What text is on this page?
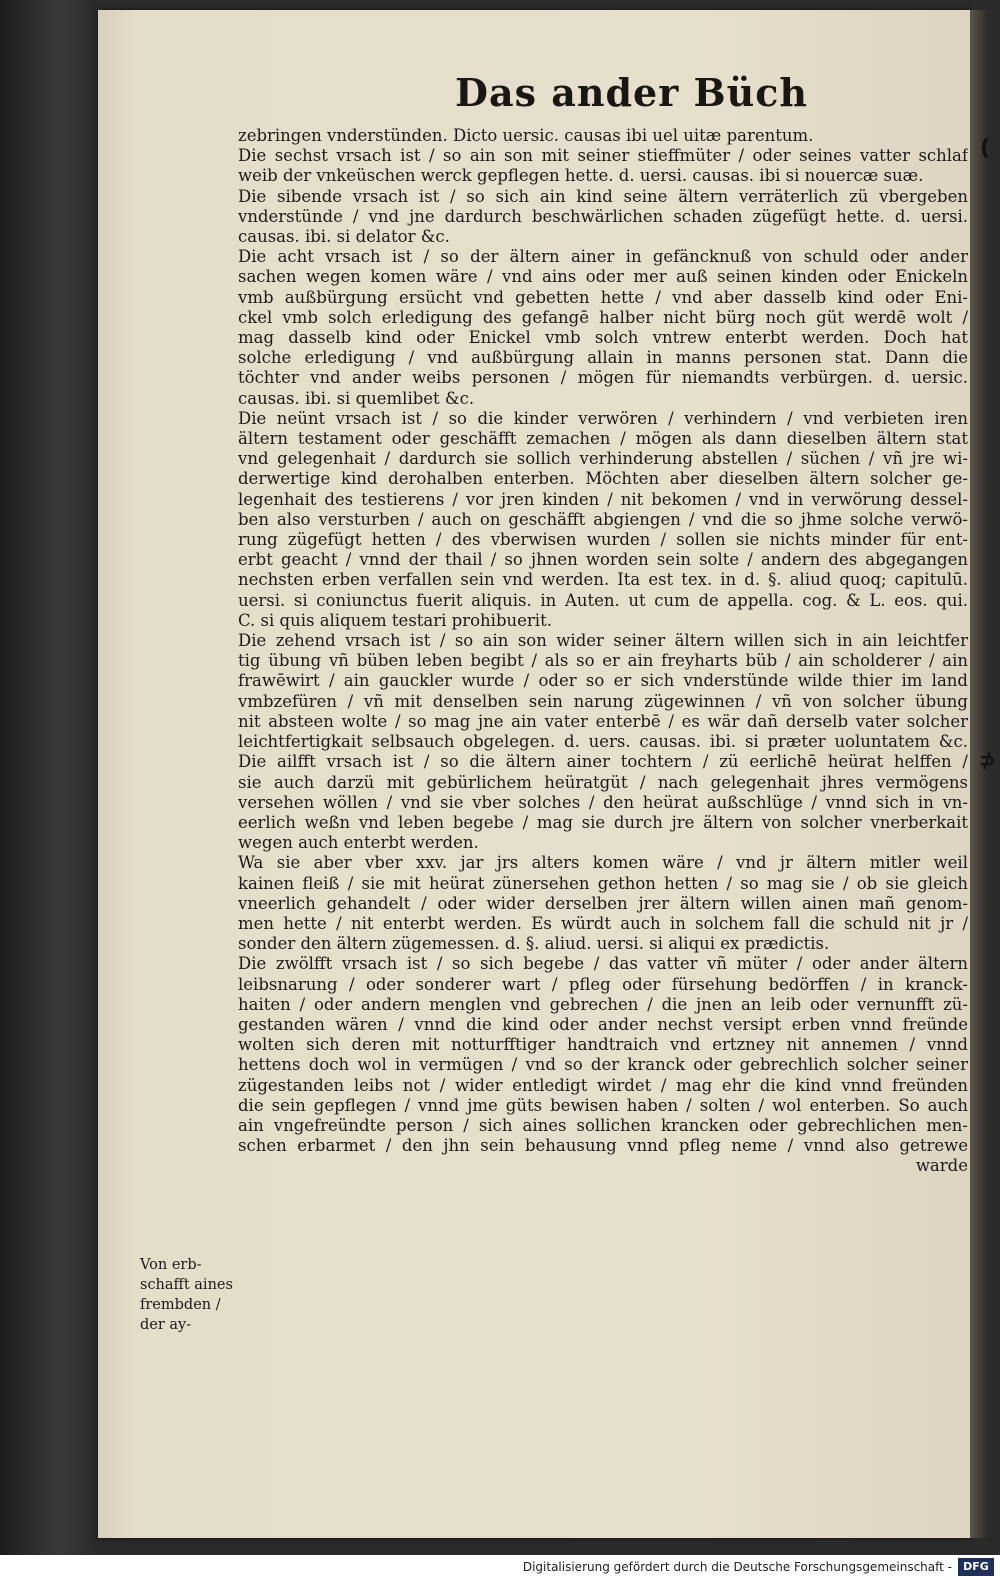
Das ander Büch
zebringen vnderstünden. Dicto uersic. causas ibi uel uitæ parentum.
Die sechst vrsach ist / so ain son mit seiner stieffmüter / oder seines vatter schlaf
weib der vnkeüschen werck gepflegen hette. d. uersi. causas. ibi si nouercæ suæ.
Die sibende vrsach ist / so sich ain kind seine ältern verräterlich zü vbergeben
vnderstünde / vnd jne dardurch beschwärlichen schaden zügefügt hette. d. uersi.
causas. ibi. si delator &c.
Die acht vrsach ist / so der ältern ainer in gefäncknuß von schuld oder ander
sachen wegen komen wäre / vnd ains oder mer auß seinen kinden oder Enickeln
vmb außbürgung ersücht vnd gebetten hette / vnd aber dasselb kind oder Eni-
ckel vmb solch erledigung des gefangē halber nicht bürg noch güt werdē wolt /
mag dasselb kind oder Enickel vmb solch vntrew enterbt werden. Doch hat
solche erledigung / vnd außbürgung allain in manns personen stat. Dann die
töchter vnd ander weibs personen / mögen für niemandts verbürgen. d. uersic.
causas. ibi. si quemlibet &c.
Die neünt vrsach ist / so die kinder verwören / verhindern / vnd verbieten iren
ältern testament oder geschäfft zemachen / mögen als dann dieselben ältern stat
vnd gelegenhait / dardurch sie sollich verhinderung abstellen / süchen / vñ jre wi-
derwertige kind derohalben enterben. Möchten aber dieselben ältern solcher ge-
legenhait des testierens / vor jren kinden / nit bekomen / vnd in verwörung dessel-
ben also versturben / auch on geschäfft abgiengen / vnd die so jhme solche verwö-
rung zügefügt hetten / des vberwisen wurden / sollen sie nichts minder für ent-
erbt geacht / vnnd der thail / so jhnen worden sein solte / andern des abgegangen
nechsten erben verfallen sein vnd werden. Ita est tex. in d. §. aliud quoq; capitulū.
uersi. si coniunctus fuerit aliquis. in Auten. ut cum de appella. cog. & L. eos. qui.
C. si quis aliquem testari prohibuerit.
Die zehend vrsach ist / so ain son wider seiner ältern willen sich in ain leichtfer
tig übung vñ büben leben begibt / als so er ain freyharts büb / ain scholderer / ain
frawēwirt / ain gauckler wurde / oder so er sich vnderstünde wilde thier im land
vmbzefüren / vñ mit denselben sein narung zügewinnen / vñ von solcher übung
nit absteen wolte / so mag jne ain vater enterbē / es wär dañ derselb vater solcher
leichtfertigkait selbsauch obgelegen. d. uers. causas. ibi. si præter uoluntatem &c.
Die ailfft vrsach ist / so die ältern ainer tochtern / zü eerlichē heürat helffen /
sie auch darzü mit gebürlichem heüratgüt / nach gelegenhait jhres vermögens
versehen wöllen / vnd sie vber solches / den heürat außschlüge / vnnd sich in vn-
eerlich weßn vnd leben begebe / mag sie durch jre ältern von solcher vnerberkait
wegen auch enterbt werden.
Wa sie aber vber xxv. jar jrs alters komen wäre / vnd jr ältern mitler weil
kainen fleiß / sie mit heürat zünersehen gethon hetten / so mag sie / ob sie gleich
vneerlich gehandelt / oder wider derselben jrer ältern willen ainen mañ genom-
men hette / nit enterbt werden. Es würdt auch in solchem fall die schuld nit jr /
sonder den ältern zügemessen. d. §. aliud. uersi. si aliqui ex prædictis.
Die zwölfft vrsach ist / so sich begebe / das vatter vñ müter / oder ander ältern
leibsnarung / oder sonderer wart / pfleg oder fürsehung bedörffen / in kranck-
haiten / oder andern menglen vnd gebrechen / die jnen an leib oder vernunfft zü-
gestanden wären / vnnd die kind oder ander nechst versipt erben vnnd freünde
wolten sich deren mit notturfftiger handtraich vnd ertzney nit annemen / vnnd
hettens doch wol in vermügen / vnd so der kranck oder gebrechlich solcher seiner
zügestanden leibs not / wider entledigt wirdet / mag ehr die kind vnnd freünden
die sein gepflegen / vnnd jme güts bewisen haben / solten / wol enterben. So auch
ain vngefreündte person / sich aines sollichen krancken oder gebrechlichen men-
schen erbarmet / den jhn sein behausung vnnd pfleg neme / vnnd also getrewe
warde
Von erb-
schafft aines
frembden /
der ay-
(
⊅
Digitalisierung gefördert durch die Deutsche Forschungsgemeinschaft -	DFG
